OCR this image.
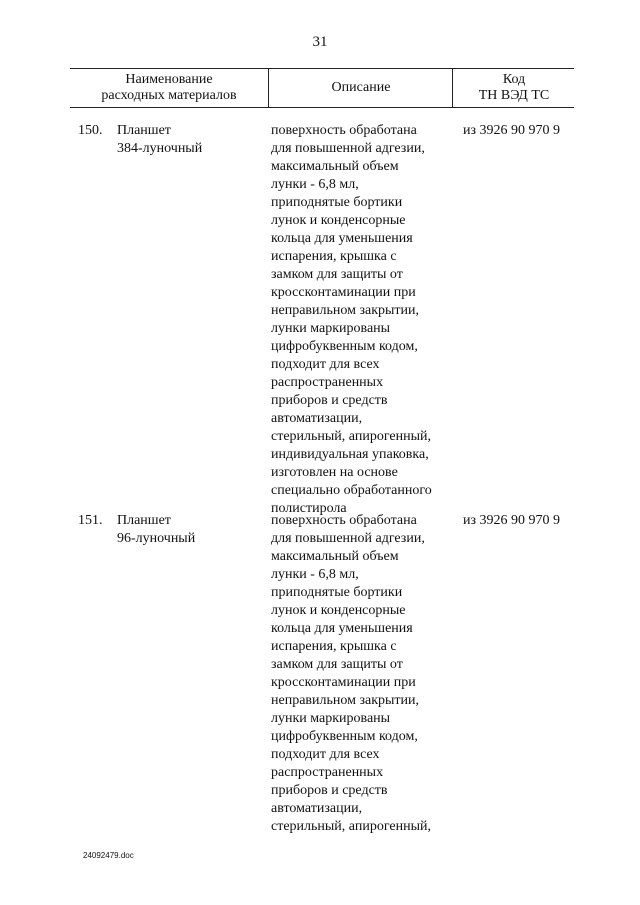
31
Наименование
расходных материалов
Описание
Код
ТН ВЭД ТС
150. Планшет
384-луночный
поверхность обработана
для повышенной адгезии,
максимальный объем
лунки - 6,8 мл,
приподнятые бортики
лунок и конденсорные
кольца для уменьшения
испарения, крышка с
замком для защиты от
кроссконтаминации при
неправильном закрытии,
лунки маркированы
цифробуквенным кодом,
подходит для всех
распространенных
приборов и средств
автоматизации,
стерильный, апирогенный,
индивидуальная упаковка,
изготовлен на основе
специально обработанного
полистирола
из 3926 90 970 9
151. Планшет
96-луночный
поверхность обработана
для повышенной адгезии,
максимальный объем
лунки - 6,8 мл,
приподнятые бортики
лунок и конденсорные
кольца для уменьшения
испарения, крышка с
замком для защиты от
кроссконтаминации при
неправильном закрытии,
лунки маркированы
цифробуквенным кодом,
подходит для всех
распространенных
приборов и средств
автоматизации,
стерильный, апирогенный,
из 3926 90 970 9
24092479.doc
